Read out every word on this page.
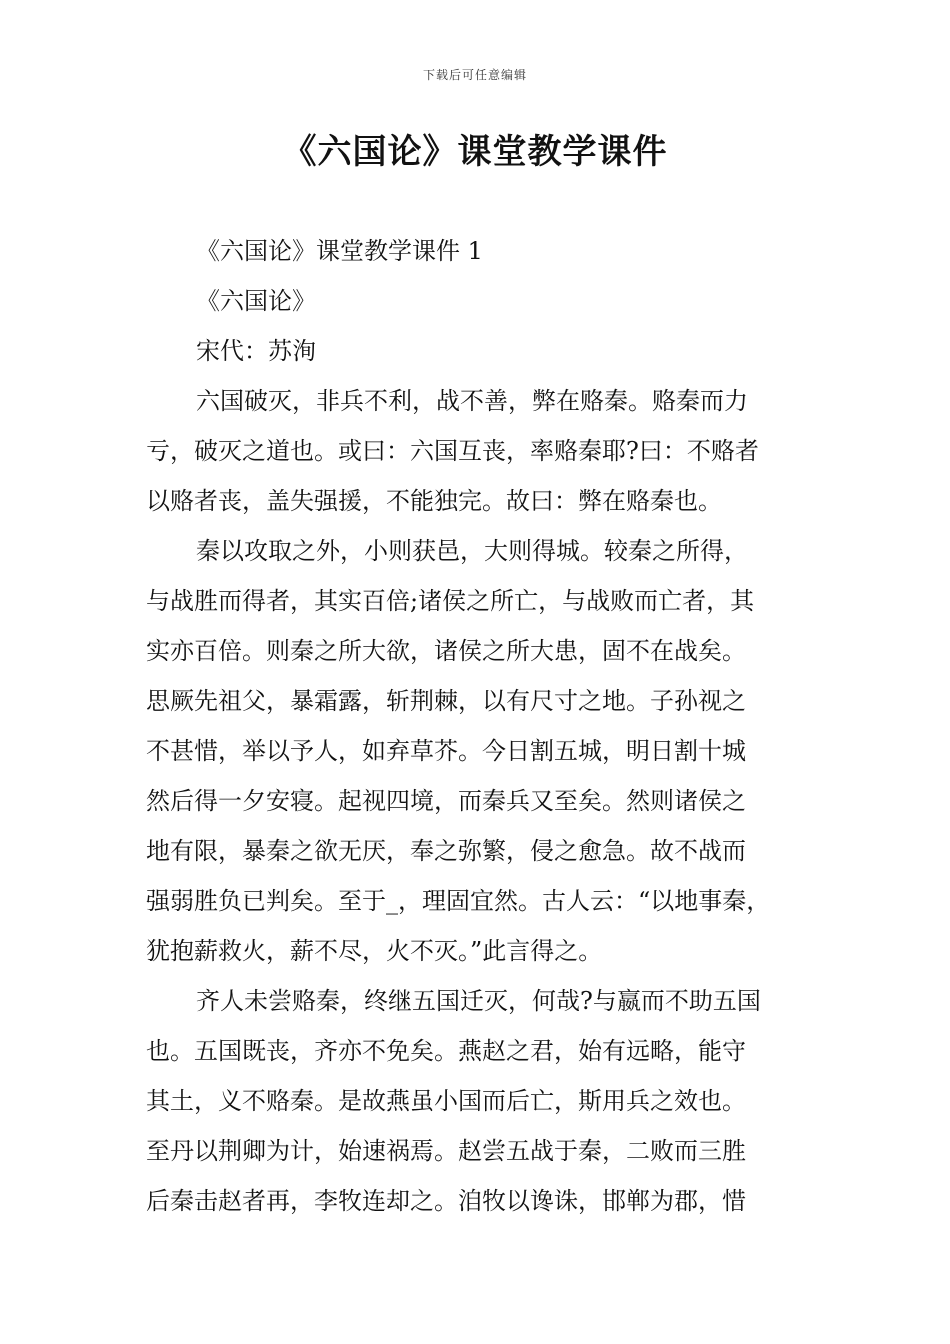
下载后可任意编辑
《六国论》课堂教学课件
《六国论》课堂教学课件 1
《六国论》
宋代：苏洵
六国破灭，非兵不利，战不善，弊在赂秦。赂秦而力
亏，破灭之道也。或曰：六国互丧，率赂秦耶?曰：不赂者
以赂者丧，盖失强援，不能独完。故曰：弊在赂秦也。
秦以攻取之外，小则获邑，大则得城。较秦之所得，
与战胜而得者，其实百倍;诸侯之所亡，与战败而亡者，其
实亦百倍。则秦之所大欲，诸侯之所大患，固不在战矣。
思厥先祖父，暴霜露，斩荆棘，以有尺寸之地。子孙视之
不甚惜，举以予人，如弃草芥。今日割五城，明日割十城
然后得一夕安寝。起视四境，而秦兵又至矣。然则诸侯之
地有限，暴秦之欲无厌，奉之弥繁，侵之愈急。故不战而
强弱胜负已判矣。至于_，理固宜然。古人云：“以地事秦，
犹抱薪救火，薪不尽，火不灭。”此言得之。
齐人未尝赂秦，终继五国迁灭，何哉?与嬴而不助五国
也。五国既丧，齐亦不免矣。燕赵之君，始有远略，能守
其土，义不赂秦。是故燕虽小国而后亡，斯用兵之效也。
至丹以荆卿为计，始速祸焉。赵尝五战于秦，二败而三胜
后秦击赵者再，李牧连却之。洎牧以谗诛，邯郸为郡，惜
